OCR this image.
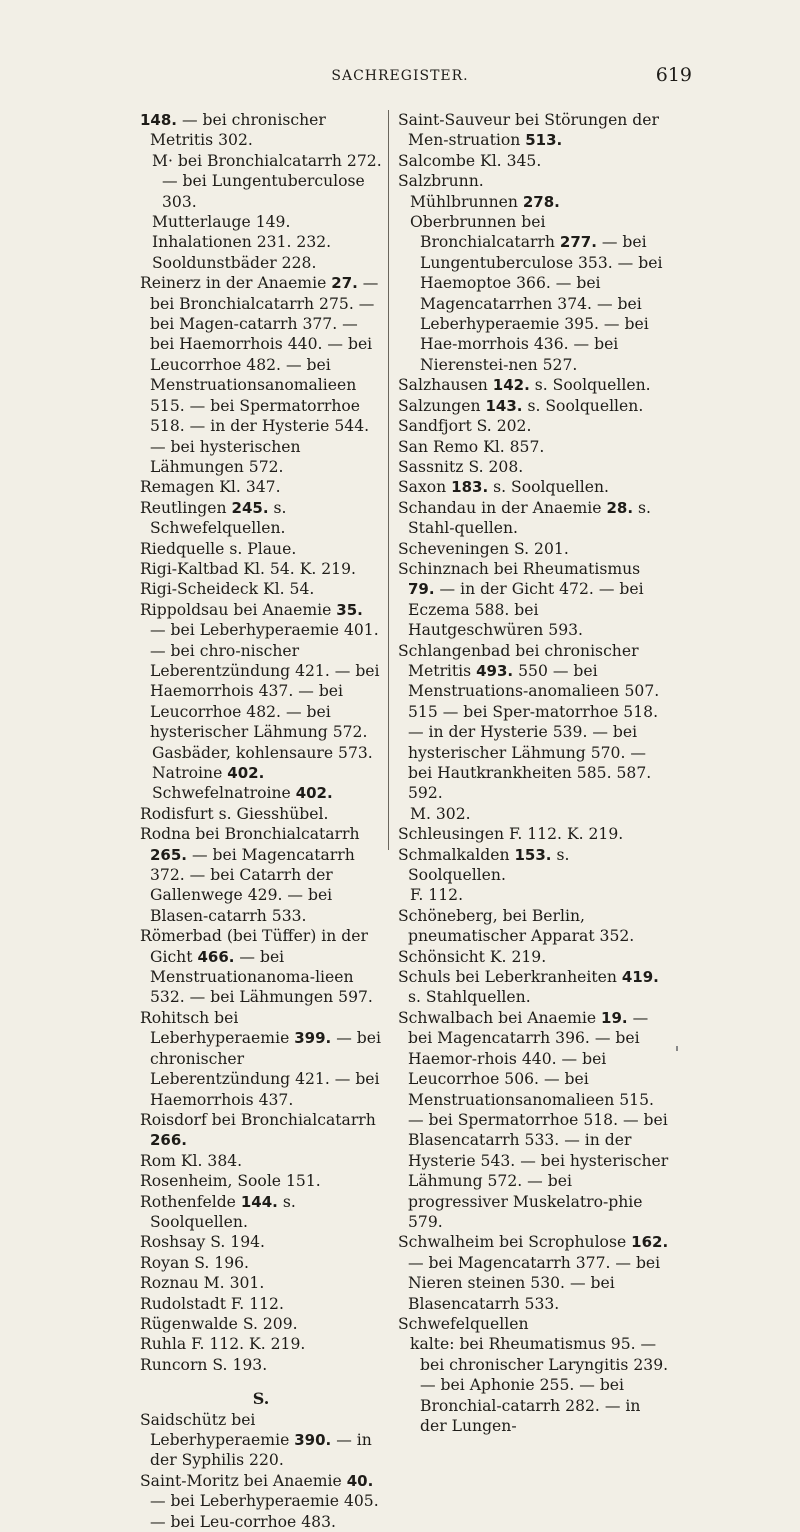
SACHREGISTER.	619
148. — bei chronischer Metritis 302.
M· bei Bronchialcatarrh 272. — bei Lungentuberculose 303.
Mutterlauge 149.
Inhalationen 231. 232.
Sooldunstbäder 228.
Reinerz in der Anaemie 27. — bei Bronchialcatarrh 275. — bei Magen-catarrh 377. — bei Haemorrhois 440. — bei Leucorrhoe 482. — bei Menstruationsanomalieen 515. — bei Spermatorrhoe 518. — in der Hysterie 544. — bei hysterischen Lähmungen 572.
Remagen Kl. 347.
Reutlingen 245. s. Schwefelquellen.
Riedquelle s. Plaue.
Rigi-Kaltbad Kl. 54. K. 219.
Rigi-Scheideck Kl. 54.
Rippoldsau bei Anaemie 35. — bei Leberhyperaemie 401. — bei chro-nischer Leberentzündung 421. — bei Haemorrhois 437. — bei Leucorrhoe 482. — bei hysterischer Lähmung 572.
Gasbäder, kohlensaure 573.
Natroine 402.
Schwefelnatroine 402.
Rodisfurt s. Giesshübel.
Rodna bei Bronchialcatarrh 265. — bei Magencatarrh 372. — bei Catarrh der Gallenwege 429. — bei Blasen-catarrh 533.
Römerbad (bei Tüffer) in der Gicht 466. — bei Menstruationanoma-lieen 532. — bei Lähmungen 597.
Rohitsch bei Leberhyperaemie 399. — bei chronischer Leberentzündung 421. — bei Haemorrhois 437.
Roisdorf bei Bronchialcatarrh 266.
Rom Kl. 384.
Rosenheim, Soole 151.
Rothenfelde 144. s. Soolquellen.
Roshsay S. 194.
Royan S. 196.
Roznau M. 301.
Rudolstadt F. 112.
Rügenwalde S. 209.
Ruhla F. 112. K. 219.
Runcorn S. 193.
S.
Saidschütz bei Leberhyperaemie 390. — in der Syphilis 220.
Saint-Moritz bei Anaemie 40. — bei Leberhyperaemie 405. — bei Leu-corrhoe 483.
Saint-Sauveur bei Störungen der Men-struation 513.
Salcombe Kl. 345.
Salzbrunn.
Mühlbrunnen 278.
Oberbrunnen bei Bronchialcatarrh 277. — bei Lungentuberculose 353. — bei Haemoptoe 366. — bei Magencatarrhen 374. — bei Leberhyperaemie 395. — bei Hae-morrhois 436. — bei Nierenstei-nen 527.
Salzhausen 142. s. Soolquellen.
Salzungen 143. s. Soolquellen.
Sandfjort S. 202.
San Remo Kl. 857.
Sassnitz S. 208.
Saxon 183. s. Soolquellen.
Schandau in der Anaemie 28. s. Stahl-quellen.
Scheveningen S. 201.
Schinznach bei Rheumatismus 79. — in der Gicht 472. — bei Eczema 588. bei Hautgeschwüren 593.
Schlangenbad bei chronischer Metritis 493. 550 — bei Menstruations-anomalieen 507. 515 — bei Sper-matorrhoe 518. — in der Hysterie 539. — bei hysterischer Lähmung 570. — bei Hautkrankheiten 585. 587. 592.
M. 302.
Schleusingen F. 112. K. 219.
Schmalkalden 153. s. Soolquellen.
F. 112.
Schöneberg, bei Berlin, pneumatischer Apparat 352.
Schönsicht K. 219.
Schuls bei Leberkranheiten 419. s. Stahlquellen.
Schwalbach bei Anaemie 19. — bei Magencatarrh 396. — bei Haemor-rhois 440. — bei Leucorrhoe 506. — bei Menstruationsanomalieen 515. — bei Spermatorrhoe 518. — bei Blasencatarrh 533. — in der Hysterie 543. — bei hysterischer Lähmung 572. — bei progressiver Muskelatro-phie 579.
Schwalheim bei Scrophulose 162. — bei Magencatarrh 377. — bei Nieren steinen 530. — bei Blasencatarrh 533.
Schwefelquellen
kalte: bei Rheumatismus 95. — bei chronischer Laryngitis 239. — bei Aphonie 255. — bei Bronchial-catarrh 282. — in der Lungen-
